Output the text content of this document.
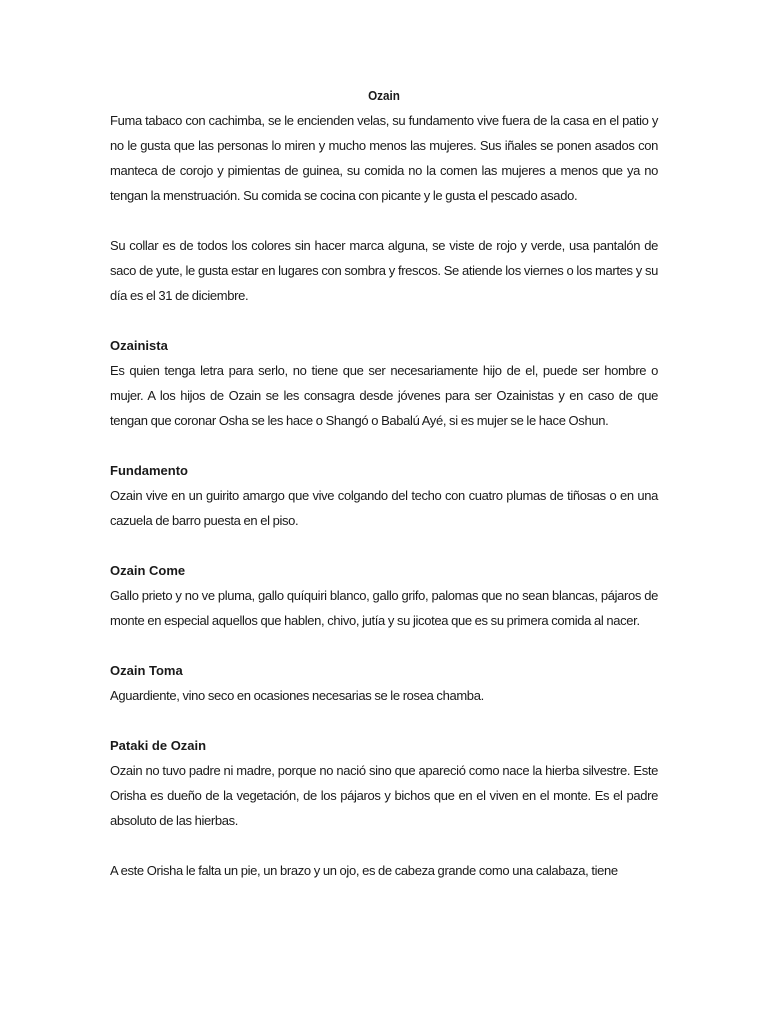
Ozain

Fuma tabaco con cachimba, se le encienden velas, su fundamento vive fuera de la casa en el patio y no le gusta que las personas lo miren y mucho menos las mujeres. Sus iñales se ponen asados con manteca de corojo y pimientas de guinea, su comida no la comen las mujeres a menos que ya no tengan la menstruación. Su comida se cocina con picante y le gusta el pescado asado.

Su collar es de todos los colores sin hacer marca alguna, se viste de rojo y verde, usa pantalón de saco de yute, le gusta estar en lugares con sombra y frescos. Se atiende los viernes o los martes y su día es el 31 de diciembre.

Ozainista

Es quien tenga letra para serlo, no tiene que ser necesariamente hijo de el, puede ser hombre o mujer. A los hijos de Ozain se les consagra desde jóvenes para ser Ozainistas y en caso de que tengan que coronar Osha se les hace o Shangó o Babalú Ayé, si es mujer se le hace Oshun.

Fundamento

Ozain vive en un guirito amargo que vive colgando del techo con cuatro plumas de tiñosas o en una cazuela de barro puesta en el piso.

Ozain Come

Gallo prieto y no ve pluma, gallo quíquiri blanco, gallo grifo, palomas que no sean blancas, pájaros de monte en especial aquellos que hablen, chivo, jutía y su jicotea que es su primera comida al nacer.

Ozain Toma

Aguardiente, vino seco en ocasiones necesarias se le rosea chamba.

Pataki de Ozain

Ozain no tuvo padre ni madre, porque no nació sino que apareció como nace la hierba silvestre. Este Orisha es dueño de la vegetación, de los pájaros y bichos que en el viven en el monte. Es el padre absoluto de las hierbas.

A este Orisha le falta un pie, un brazo y un ojo, es de cabeza grande como una calabaza, tiene
